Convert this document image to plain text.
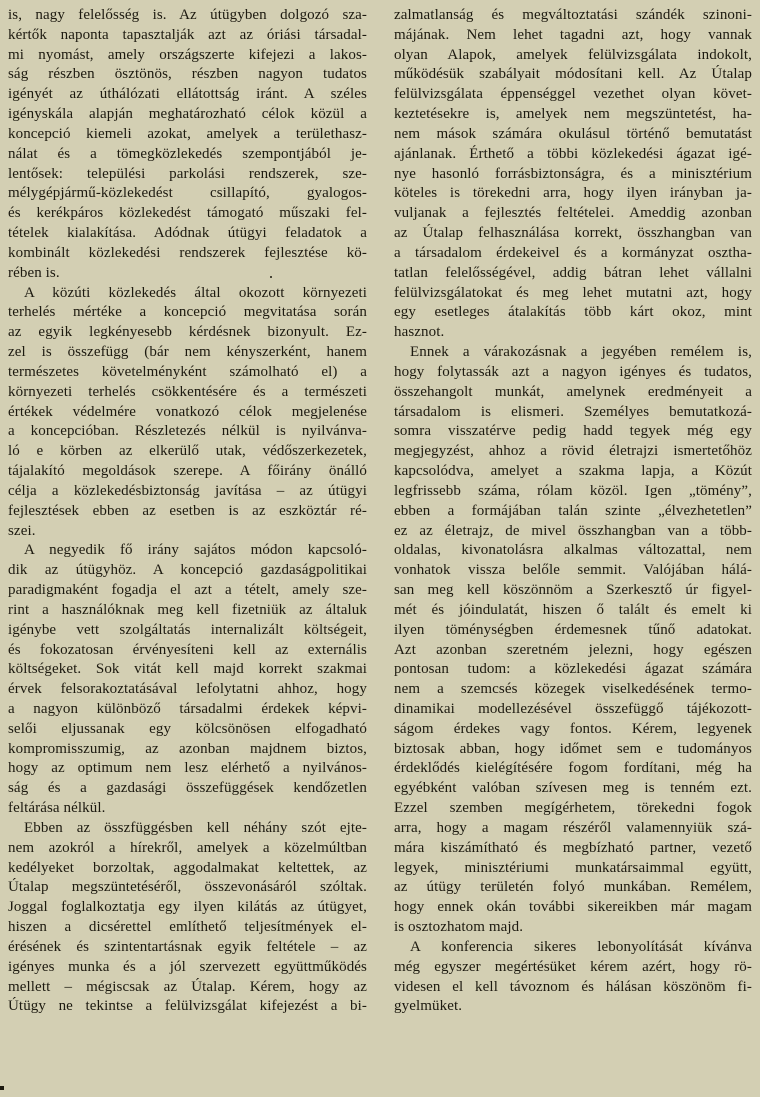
is, nagy felelősség is. Az útügyben dolgozó sza-
kértők naponta tapasztalják azt az óriási társadal-
mi nyomást, amely országszerte kifejezi a lakos-
ság részben ösztönös, részben nagyon tudatos
igényét az úthálózati ellátottság iránt. A széles
igényskála alapján meghatározható célok közül a
koncepció kiemeli azokat, amelyek a területhasz-
nálat és a tömegközlekedés szempontjából je-
lentősek: települési parkolási rendszerek, sze-
mélygépjármű-közlekedést csillapító, gyalogos-
és kerékpáros közlekedést támogató műszaki fel-
tételek kialakítása. Adódnak útügyi feladatok a
kombinált közlekedési rendszerek fejlesztése kö-
rében is.
A közúti közlekedés által okozott környezeti
terhelés mértéke a koncepció megvitatása során
az egyik legkényesebb kérdésnek bizonyult. Ez-
zel is összefügg (bár nem kényszerként, hanem
természetes követelményként számolható el) a
környezeti terhelés csökkentésére és a természeti
értékek védelmére vonatkozó célok megjelenése
a koncepcióban. Részletezés nélkül is nyilvánva-
ló e körben az elkerülő utak, védőszerkezetek,
tájalakító megoldások szerepe. A főirány önálló
célja a közlekedésbiztonság javítása – az útügyi
fejlesztések ebben az esetben is az eszköztár ré-
szei.
A negyedik fő irány sajátos módon kapcsoló-
dik az útügyhöz. A koncepció gazdaságpolitikai
paradigmaként fogadja el azt a tételt, amely sze-
rint a használóknak meg kell fizetniük az általuk
igénybe vett szolgáltatás internalizált költségeit,
és fokozatosan érvényesíteni kell az externális
költségeket. Sok vitát kell majd korrekt szakmai
érvek felsorakoztatásával lefolytatni ahhoz, hogy
a nagyon különböző társadalmi érdekek képvi-
selői eljussanak egy kölcsönösen elfogadható
kompromisszumig, az azonban majdnem biztos,
hogy az optimum nem lesz elérhető a nyilvános-
ság és a gazdasági összefüggések kendőzetlen
feltárása nélkül.
Ebben az összfüggésben kell néhány szót ejte-
nem azokról a hírekről, amelyek a közelmúltban
kedélyeket borzoltak, aggodalmakat keltettek, az
Útalap megszüntetéséről, összevonásáról szóltak.
Joggal foglalkoztatja egy ilyen kilátás az útügyet,
hiszen a dicsérettel említhető teljesítmények el-
érésének és szintentartásnak egyik feltétele – az
igényes munka és a jól szervezett együttműködés
mellett – mégiscsak az Útalap. Kérem, hogy az
Útügy ne tekintse a felülvizsgálat kifejezést a bi-
zalmatlanság és megváltoztatási szándék szinoni-
májának. Nem lehet tagadni azt, hogy vannak
olyan Alapok, amelyek felülvizsgálata indokolt,
működésük szabályait módosítani kell. Az Útalap
felülvizsgálata éppenséggel vezethet olyan követ-
keztetésekre is, amelyek nem megszüntetést, ha-
nem mások számára okulásul történő bemutatást
ajánlanak. Érthető a többi közlekedési ágazat igé-
nye hasonló forrásbiztonságra, és a minisztérium
köteles is törekedni arra, hogy ilyen irányban ja-
vuljanak a fejlesztés feltételei. Ameddig azonban
az Útalap felhasználása korrekt, összhangban van
a társadalom érdekeivel és a kormányzat osztha-
tatlan felelősségével, addig bátran lehet vállalni
felülvizsgálatokat és meg lehet mutatni azt, hogy
egy esetleges átalakítás több kárt okoz, mint
hasznot.
Ennek a várakozásnak a jegyében remélem is,
hogy folytassák azt a nagyon igényes és tudatos,
összehangolt munkát, amelynek eredményeit a
társadalom is elismeri. Személyes bemutatkozá-
somra visszatérve pedig hadd tegyek még egy
megjegyzést, ahhoz a rövid életrajzi ismertetőhöz
kapcsolódva, amelyet a szakma lapja, a Közút
legfrissebb száma, rólam közöl. Igen „tömény”,
ebben a formájában talán szinte „élvezhetetlen”
ez az életrajz, de mivel összhangban van a több-
oldalas, kivonatolásra alkalmas változattal, nem
vonhatok vissza belőle semmit. Valójában hálá-
san meg kell köszönnöm a Szerkesztő úr figyel-
mét és jóindulatát, hiszen ő talált és emelt ki
ilyen töménységben érdemesnek tűnő adatokat.
Azt azonban szeretném jelezni, hogy egészen
pontosan tudom: a közlekedési ágazat számára
nem a szemcsés közegek viselkedésének termo-
dinamikai modellezésével összefüggő tájékozott-
ságom érdekes vagy fontos. Kérem, legyenek
biztosak abban, hogy időmet sem e tudományos
érdeklődés kielégítésére fogom fordítani, még ha
egyébként valóban szívesen meg is tenném ezt.
Ezzel szemben megígérhetem, törekedni fogok
arra, hogy a magam részéről valamennyiük szá-
mára kiszámítható és megbízható partner, vezető
legyek, minisztériumi munkatársaimmal együtt,
az útügy területén folyó munkában. Remélem,
hogy ennek okán további sikereikben már magam
is osztozhatom majd.
A konferencia sikeres lebonyolítását kívánva
még egyszer megértésüket kérem azért, hogy rö-
videsen el kell távoznom és hálásan köszönöm fi-
gyelmüket.
